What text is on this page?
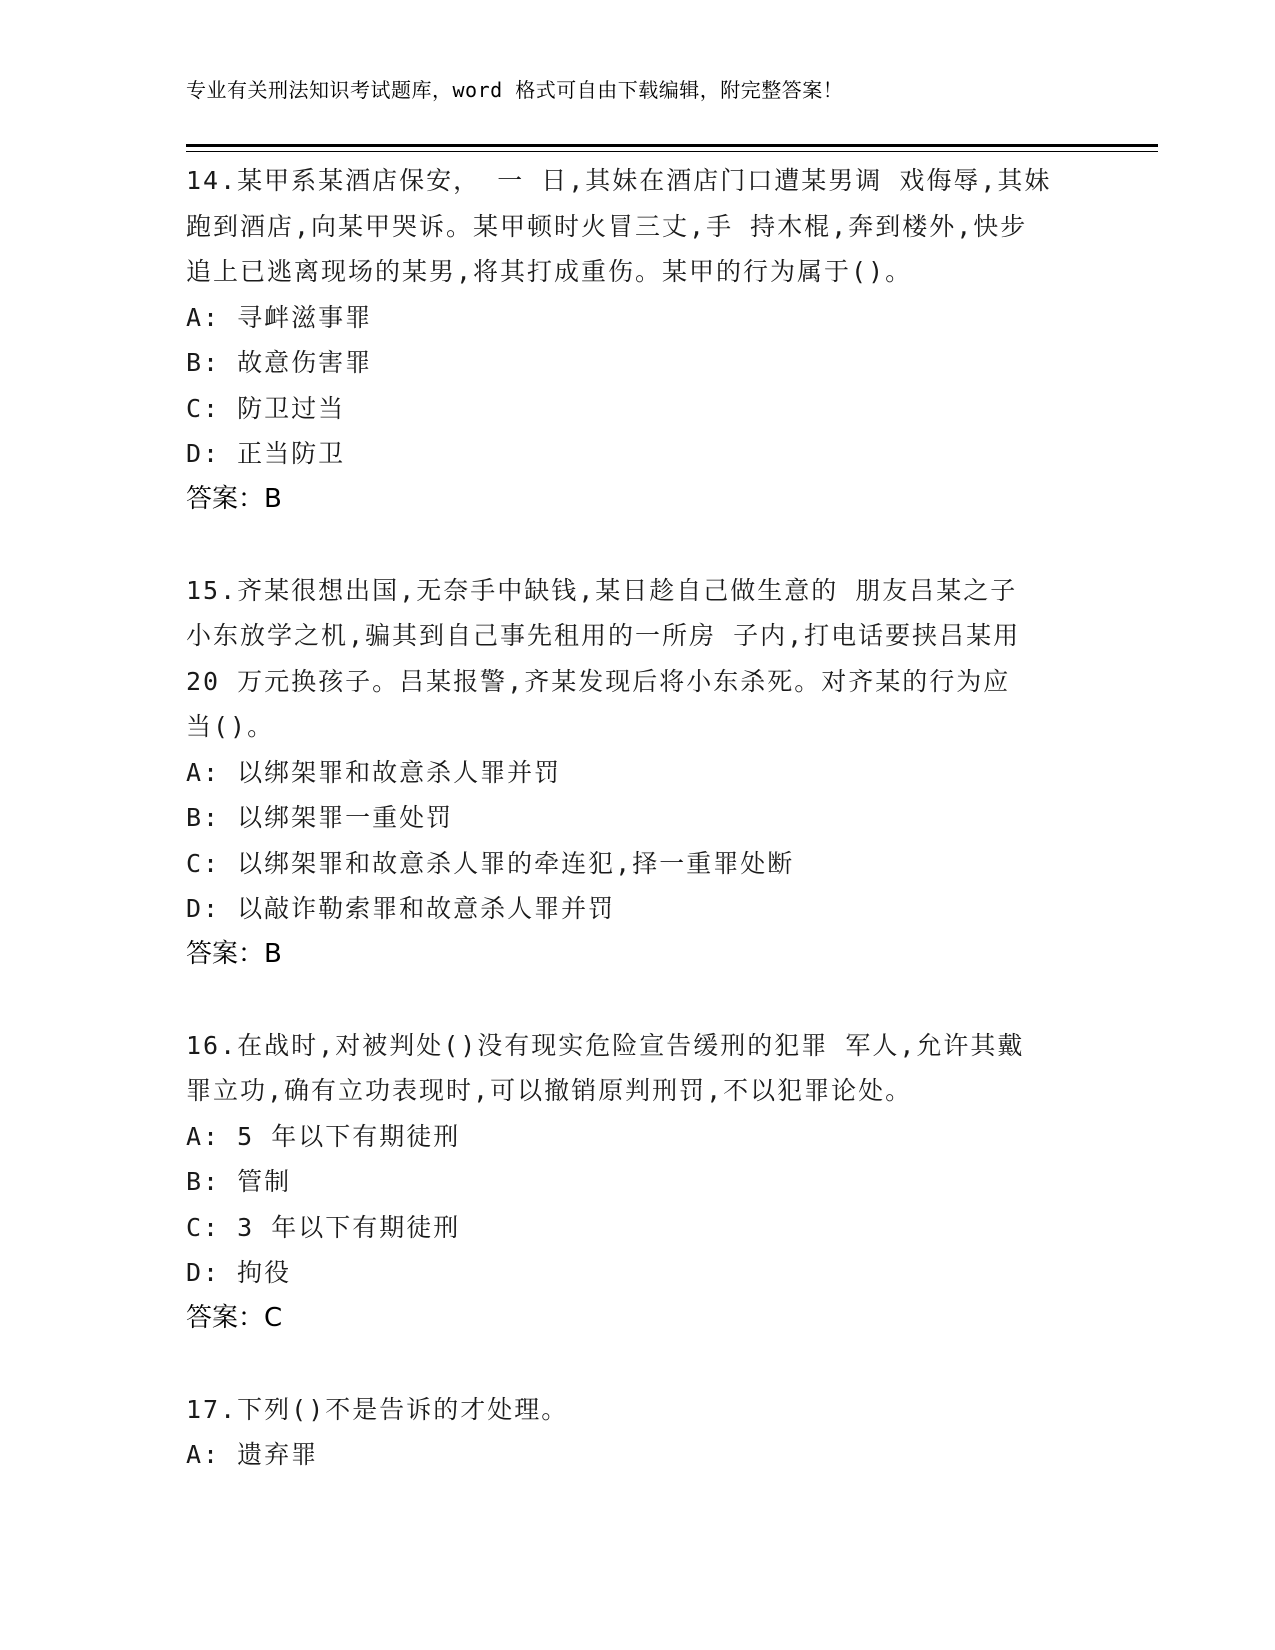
专业有关刑法知识考试题库，word 格式可自由下载编辑，附完整答案！
14.某甲系某酒店保安， 一 日,其妹在酒店门口遭某男调 戏侮辱,其妹
跑到酒店,向某甲哭诉。某甲顿时火冒三丈,手 持木棍,奔到楼外,快步
追上已逃离现场的某男,将其打成重伤。某甲的行为属于()。
A: 寻衅滋事罪
B: 故意伤害罪
C: 防卫过当
D: 正当防卫
答案：B
15.齐某很想出国,无奈手中缺钱,某日趁自己做生意的 朋友吕某之子
小东放学之机,骗其到自己事先租用的一所房 子内,打电话要挟吕某用
20 万元换孩子。吕某报警,齐某发现后将小东杀死。对齐某的行为应
当()。
A: 以绑架罪和故意杀人罪并罚
B: 以绑架罪一重处罚
C: 以绑架罪和故意杀人罪的牵连犯,择一重罪处断
D: 以敲诈勒索罪和故意杀人罪并罚
答案：B
16.在战时,对被判处()没有现实危险宣告缓刑的犯罪 军人,允许其戴
罪立功,确有立功表现时,可以撤销原判刑罚,不以犯罪论处。
A: 5 年以下有期徒刑
B: 管制
C: 3 年以下有期徒刑
D: 拘役
答案：C
17.下列()不是告诉的才处理。
A: 遗弃罪
